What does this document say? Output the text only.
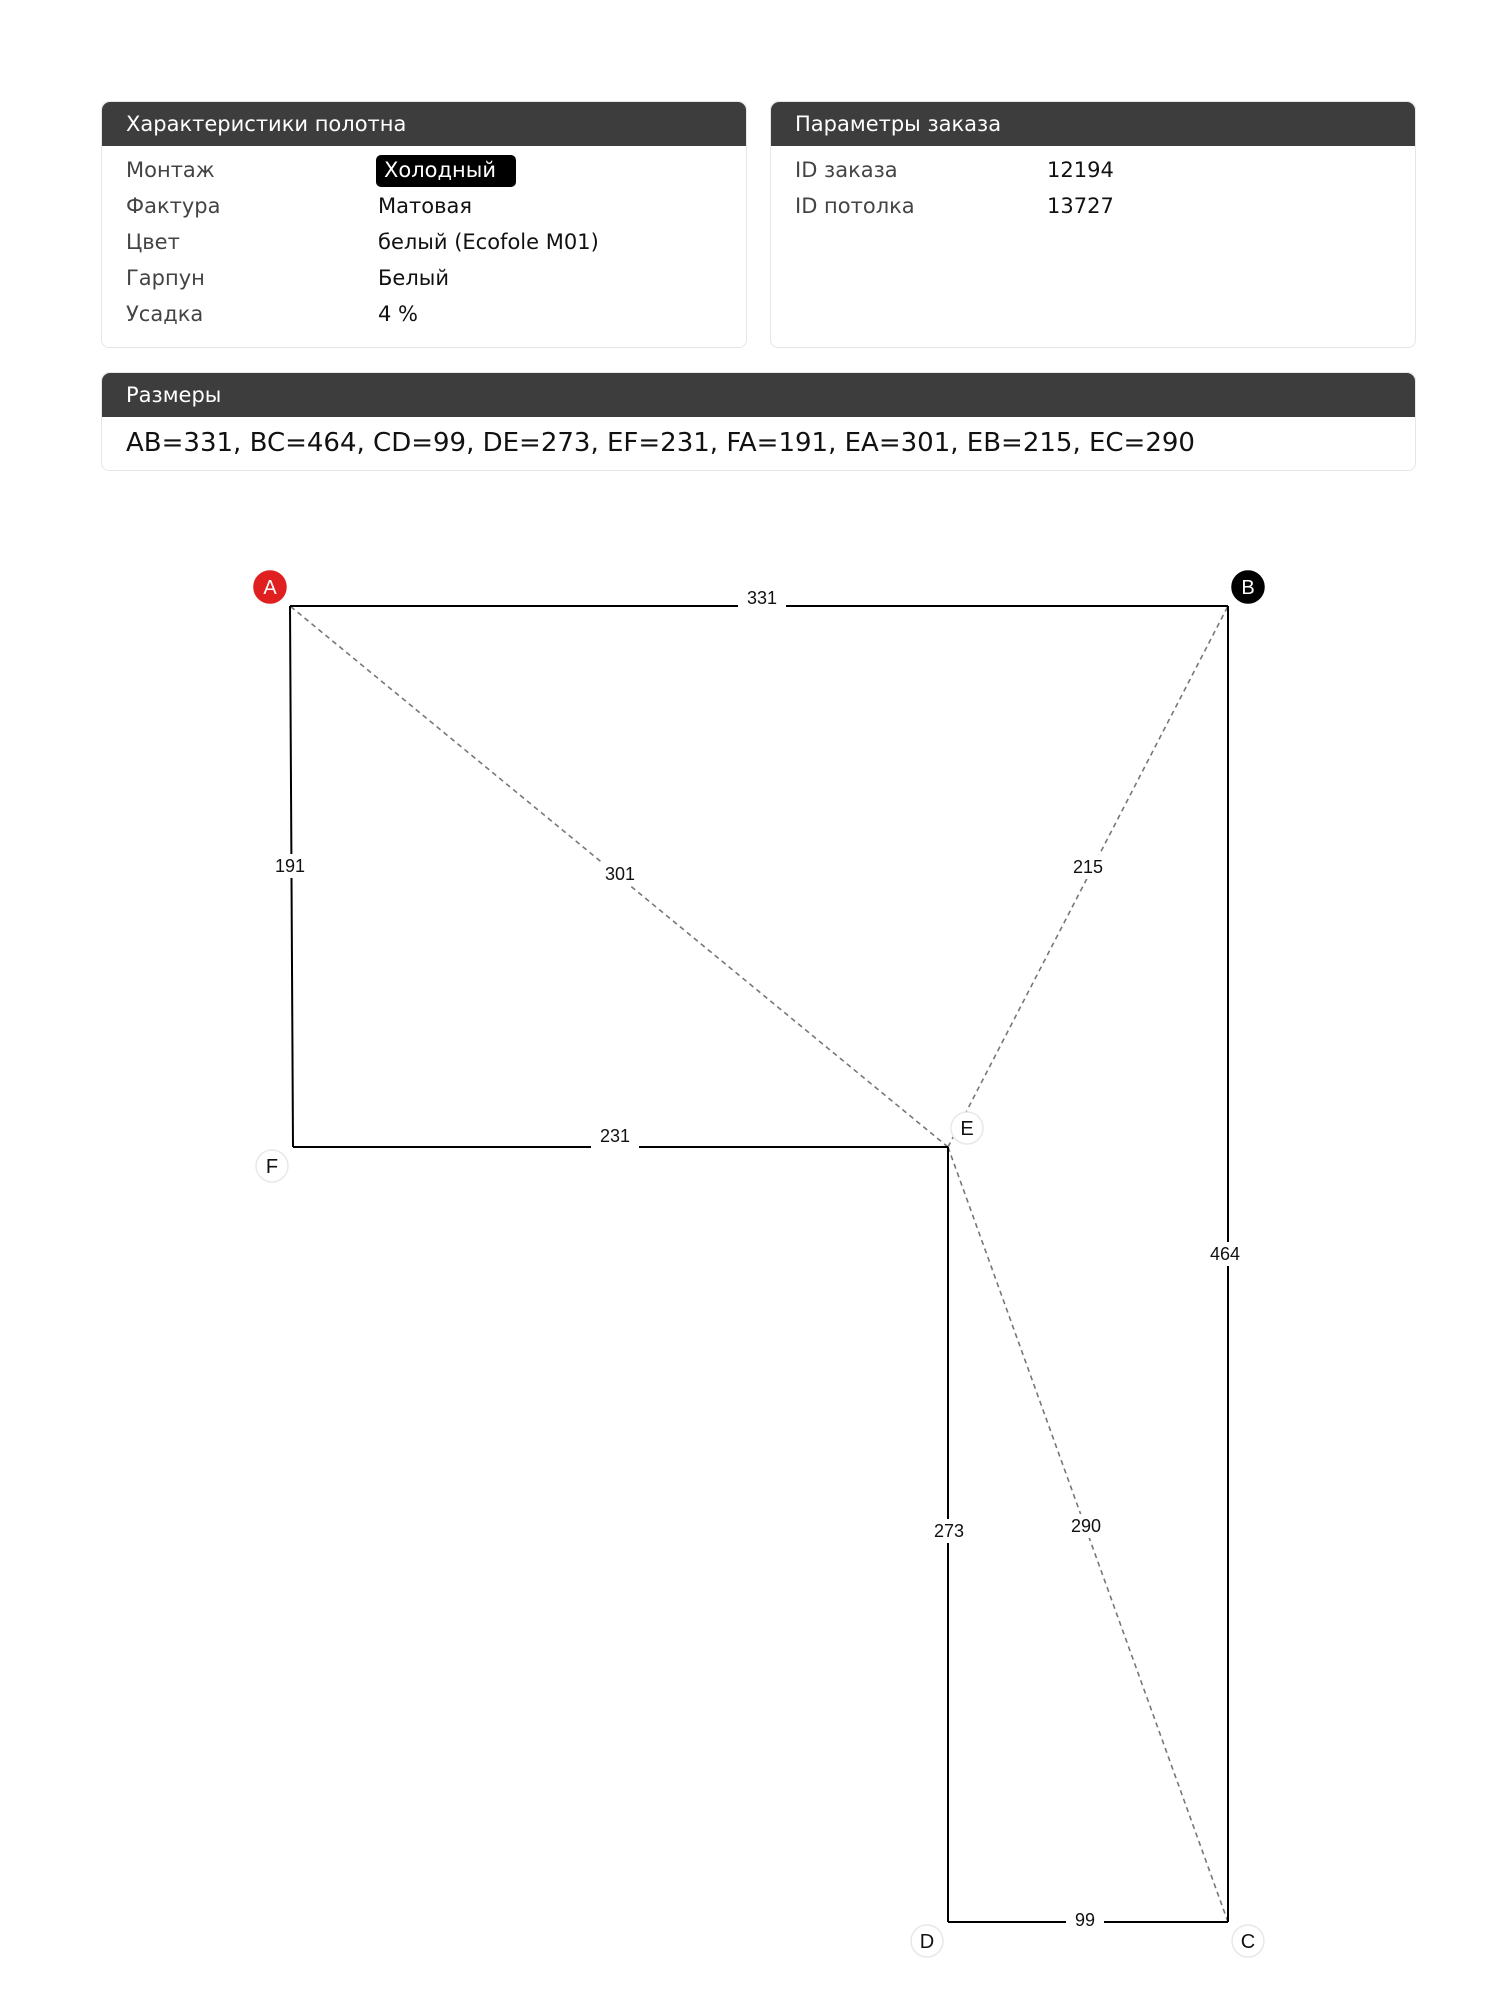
Характеристики полотна
Монтаж	Холодный
Фактура	Матовая
Цвет	белый (Ecofole M01)
Гарпун	Белый
Усадка	4 %
Параметры заказа
ID заказа	12194
ID потолка	13727
Размеры
AB=331, BC=464, CD=99, DE=273, EF=231, FA=191, EA=301, EB=215, EC=290
301	215
290
331
464
99
273
231
191
A	B
C
D
E
F
